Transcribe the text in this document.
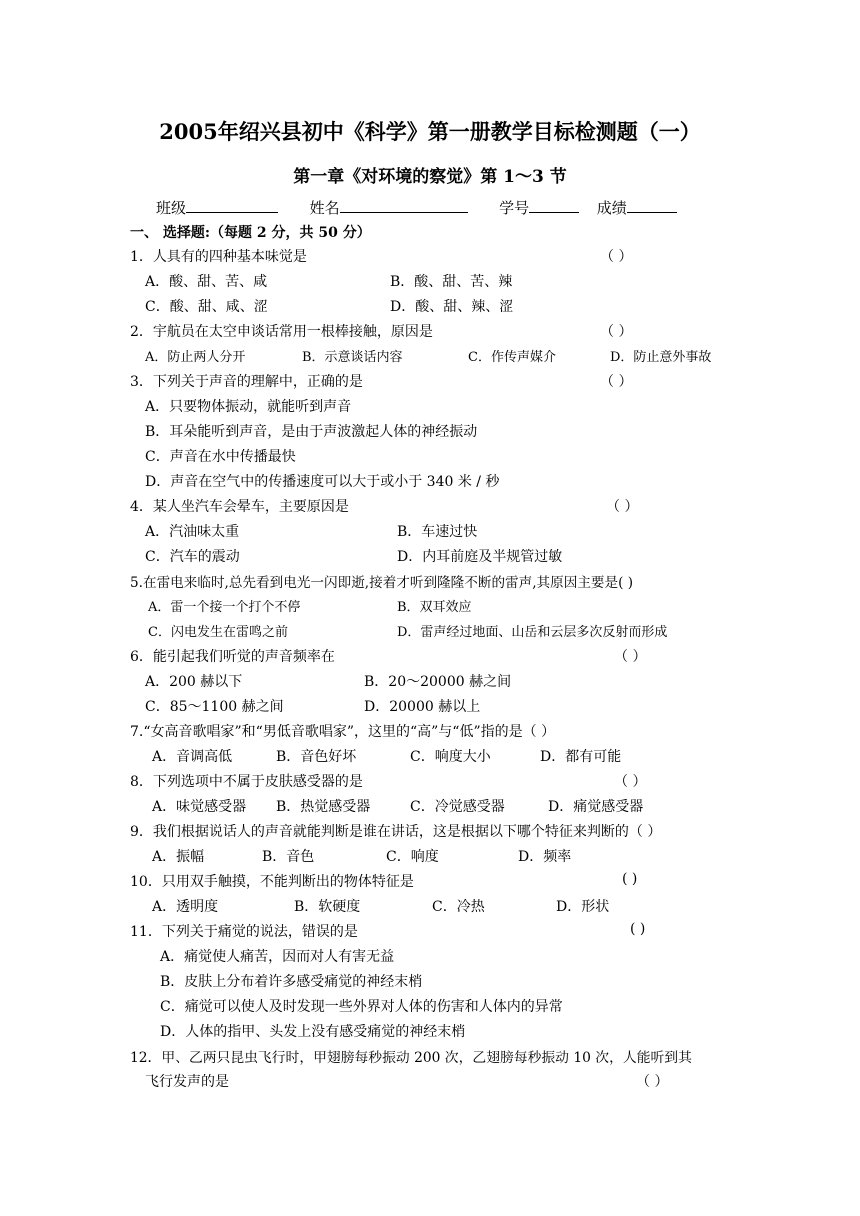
2005年绍兴县初中《科学》第一册教学目标检测题（一）
第一章《对环境的察觉》第 1～3 节
班级	姓名	学号	成绩
一、 选择题:（每题 2 分，共 50 分）
1．人具有的四种基本味觉是	（ ）
A．酸、甜、苦、咸	B．酸、甜、苦、辣
C．酸、甜、咸、涩	D．酸、甜、辣、涩
2．宇航员在太空申谈话常用一根棒接触，原因是	（ ）
A．防止两人分开	B．示意谈话内容	C．作传声媒介	D．防止意外事故
3．下列关于声音的理解中，正确的是	（ ）
A．只要物体振动，就能听到声音
B．耳朵能听到声音，是由于声波激起人体的神经振动
C．声音在水中传播最快
D．声音在空气中的传播速度可以大于或小于 340 米 / 秒
4．某人坐汽车会晕车，主要原因是	（ ）
A．汽油味太重	B．车速过快
C．汽车的震动	D．内耳前庭及半规管过敏
5.在雷电来临时,总先看到电光一闪即逝,接着才听到隆隆不断的雷声,其原因主要是( )
A．雷一个接一个打个不停	B．双耳效应
C．闪电发生在雷鸣之前	D．雷声经过地面、山岳和云层多次反射而形成
6．能引起我们听觉的声音频率在	（ ）
A．200 赫以下	B．20～20000 赫之间
C．85～1100 赫之间	D．20000 赫以上
7.“女高音歌唱家”和“男低音歌唱家”，这里的“高”与“低”指的是（ ）
A．音调高低	B．音色好坏	C．响度大小	D．都有可能
8．下列选项中不属于皮肤感受器的是	（ ）
A．味觉感受器 B．热觉感受器	C．冷觉感受器	D．痛觉感受器
9．我们根据说话人的声音就能判断是谁在讲话，这是根据以下哪个特征来判断的（ ）
A．振幅	B．音色	C．响度	D．频率
10．只用双手触摸，不能判断出的物体特征是	( )
A．透明度	B．软硬度	C．冷热	D．形状
11．下列关于痛觉的说法，错误的是	( )
A．痛觉使人痛苦，因而对人有害无益
B．皮肤上分布着许多感受痛觉的神经末梢
C．痛觉可以使人及时发现一些外界对人体的伤害和人体内的异常
D．人体的指甲、头发上没有感受痛觉的神经末梢
12．甲、乙两只昆虫飞行时，甲翅膀每秒振动 200 次，乙翅膀每秒振动 10 次，人能听到其
飞行发声的是	（ ）
